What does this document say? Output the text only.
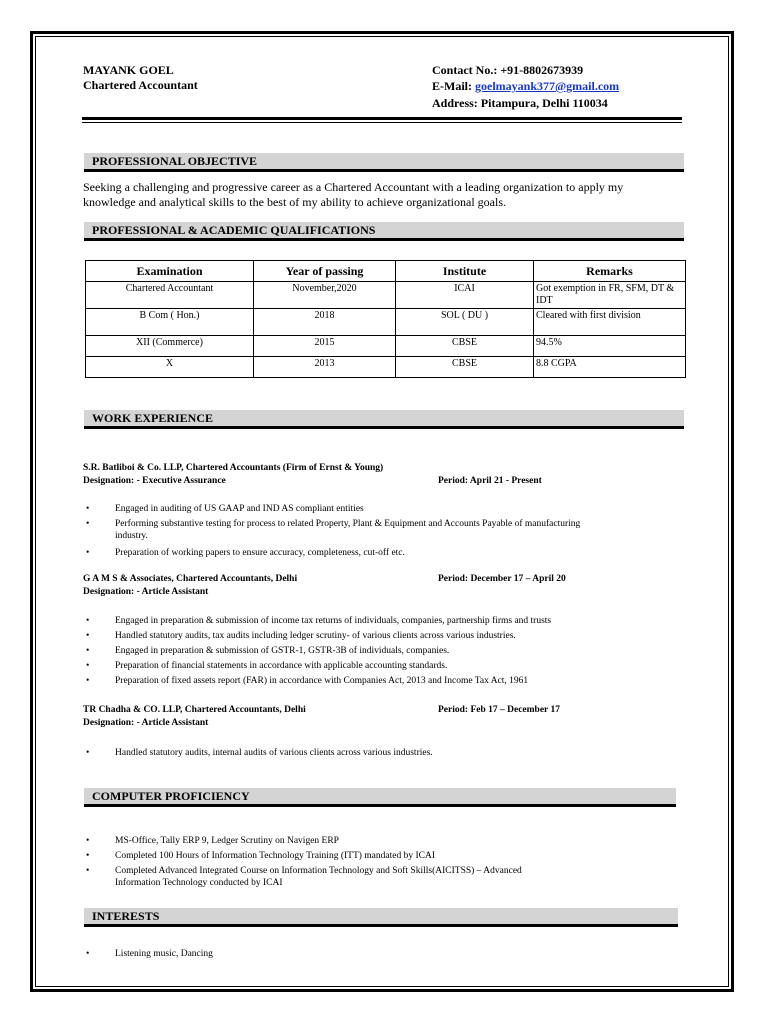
MAYANK GOEL
Chartered Accountant
Contact No.: +91-8802673939
E-Mail: goelmayank377@gmail.com
Address: Pitampura, Delhi 110034
PROFESSIONAL OBJECTIVE
Seeking a challenging and progressive career as a Chartered Accountant with a leading organization to apply my
knowledge and analytical skills to the best of my ability to achieve organizational goals.
PROFESSIONAL & ACADEMIC QUALIFICATIONS
Examination	Year of passing	Institute	Remarks
Chartered Accountant	November,2020	ICAI	Got exemption in FR, SFM, DT & IDT
B Com ( Hon.)	2018	SOL ( DU )	Cleared with first division
XII (Commerce)	2015	CBSE	94.5%
X	2013	CBSE	8.8 CGPA
WORK EXPERIENCE
S.R. Batliboi & Co. LLP, Chartered Accountants (Firm of Ernst & Young)
Designation: - Executive Assurance	Period: April 21 - Present
•	Engaged in auditing of US GAAP and IND AS compliant entities
•	Performing substantive testing for process to related Property, Plant & Equipment and Accounts Payable of manufacturing
industry.
•	Preparation of working papers to ensure accuracy, completeness, cut-off etc.
G A M S & Associates, Chartered Accountants, Delhi	Period: December 17 – April 20
Designation: - Article Assistant
•	Engaged in preparation & submission of income tax returns of individuals, companies, partnership firms and trusts
•	Handled statutory audits, tax audits including ledger scrutiny- of various clients across various industries.
•	Engaged in preparation & submission of GSTR-1, GSTR-3B of individuals, companies.
•	Preparation of financial statements in accordance with applicable accounting standards.
•	Preparation of fixed assets report (FAR) in accordance with Companies Act, 2013 and Income Tax Act, 1961
TR Chadha & CO. LLP, Chartered Accountants, Delhi	Period: Feb 17 – December 17
Designation: - Article Assistant
•	Handled statutory audits, internal audits of various clients across various industries.
COMPUTER PROFICIENCY
•	MS-Office, Tally ERP 9, Ledger Scrutiny on Navigen ERP
•	Completed 100 Hours of Information Technology Training (ITT) mandated by ICAI
•	Completed Advanced Integrated Course on Information Technology and Soft Skills(AICITSS) – Advanced
Information Technology conducted by ICAI
INTERESTS
•	Listening music, Dancing
